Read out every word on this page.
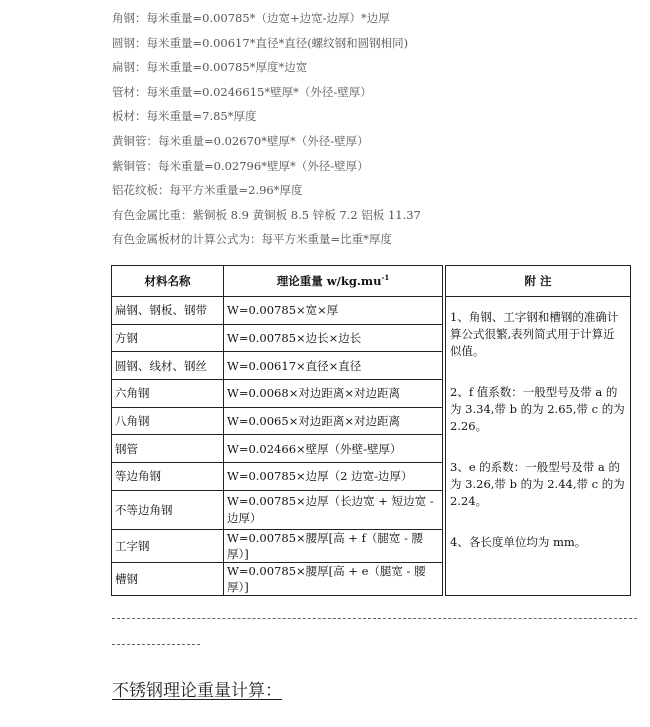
角钢：每米重量=0.00785*（边宽+边宽-边厚）*边厚
圆钢：每米重量=0.00617*直径*直径(螺纹钢和圆钢相同)
扁钢：每米重量=0.00785*厚度*边宽
管材：每米重量=0.0246615*壁厚*（外径-壁厚）
板材：每米重量=7.85*厚度
黄铜管：每米重量=0.02670*壁厚*（外径-壁厚）
紫铜管：每米重量=0.02796*壁厚*（外径-壁厚）
铝花纹板：每平方米重量=2.96*厚度
有色金属比重：紫铜板 8.9 黄铜板 8.5 锌板 7.2 铝板 11.37
有色金属板材的计算公式为：每平方米重量=比重*厚度
材料名称	理论重量 $w/kg.mu^{-1}$		附 注
扁钢、钢板、钢带	W=0.00785×宽×厚		1、角钢、工字钢和槽钢的准确计算公式很繁,表列简式用于计算近似值。
2、f 值系数：一般型号及带 a 的为 3.34,带 b 的为 2.65,带 c 的为 2.26。
3、e 的系数：一般型号及带 a 的为 3.26,带 b 的为 2.44,带 c 的为 2.24。
4、各长度单位均为 mm。

方钢	W=0.00785×边长×边长		
圆钢、线材、钢丝	W=0.00617×直径×直径		
六角钢	W=0.0068×对边距离×对边距离		
八角钢	W=0.0065×对边距离×对边距离		
钢管	W=0.02466×壁厚（外壁-壁厚）		
等边角钢	W=0.00785×边厚（2 边宽-边厚）		
不等边角钢	W=0.00785×边厚（长边宽 + 短边宽 - 边厚）		
工字钢	W=0.00785×腰厚[高 + f（腿宽 - 腰厚）]		
槽钢	W=0.00785×腰厚[高 + e（腿宽 - 腰厚）]		
不锈钢理论重量计算：
